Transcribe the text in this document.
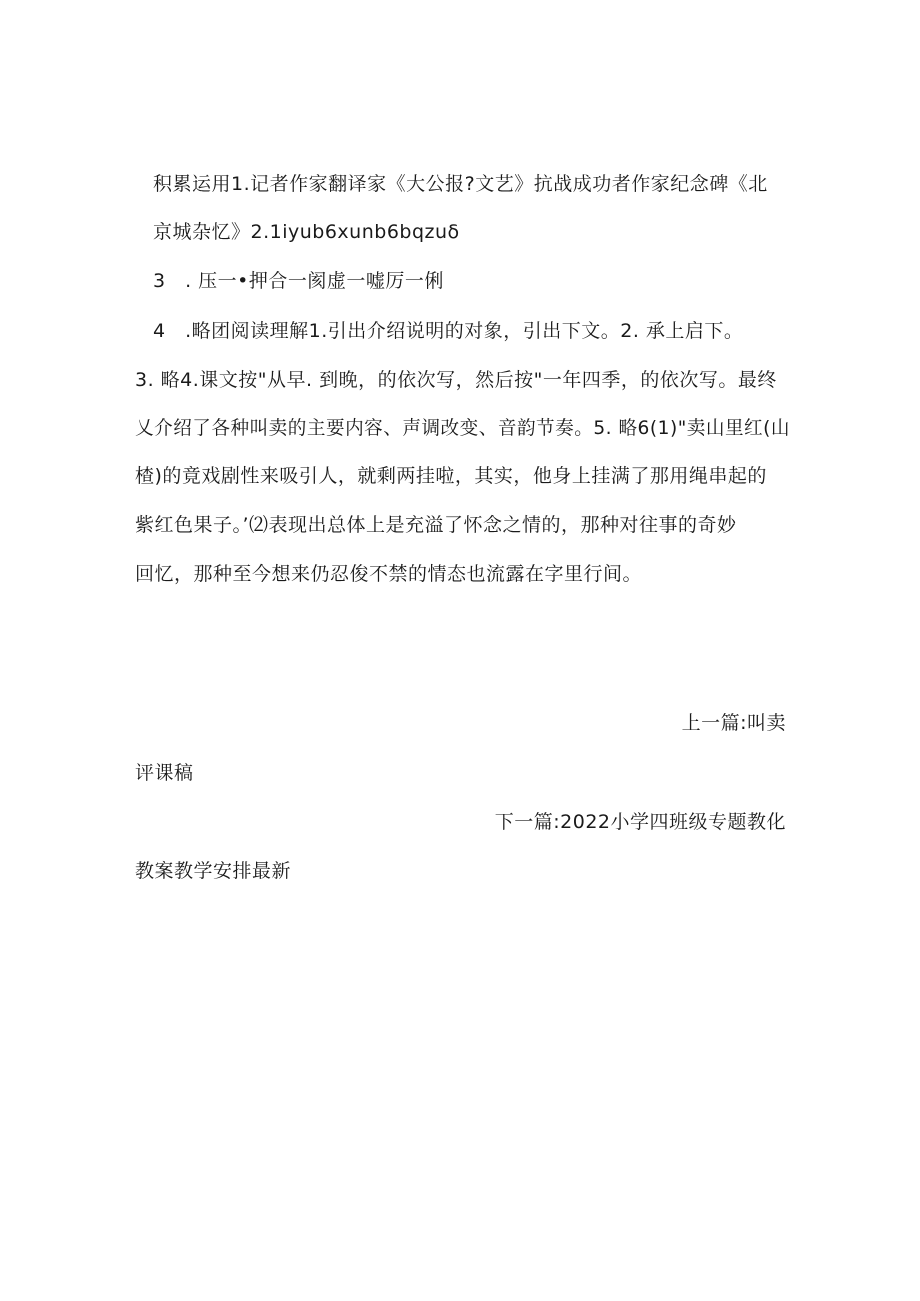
积累运用1.记者作家翻译家《大公报?文艺》抗战成功者作家纪念碑《北
京城杂忆》2.1iyub6xunb6bqzuδ
3　. 压一•押合一阂虚一嘘厉一俐
4　.略团阅读理解1.引出介绍说明的对象，引出下文。2. 承上启下。
3. 略4.课文按"从早. 到晚，的依次写，然后按"一年四季，的依次写。最终
乂介绍了各种叫卖的主要内容、声调改变、音韵节奏。5. 略6(1)"卖山里红(山
楂)的竟戏剧性来吸引人，就剩两挂啦，其实，他身上挂满了那用绳串起的
紫红色果子。’⑵表现出总体上是充溢了怀念之情的，那种对往事的奇妙
回忆，那种至今想来仍忍俊不禁的情态也流露在字里行间。
上一篇:叫卖
评课稿
下一篇:2022小学四班级专题教化
教案教学安排最新
